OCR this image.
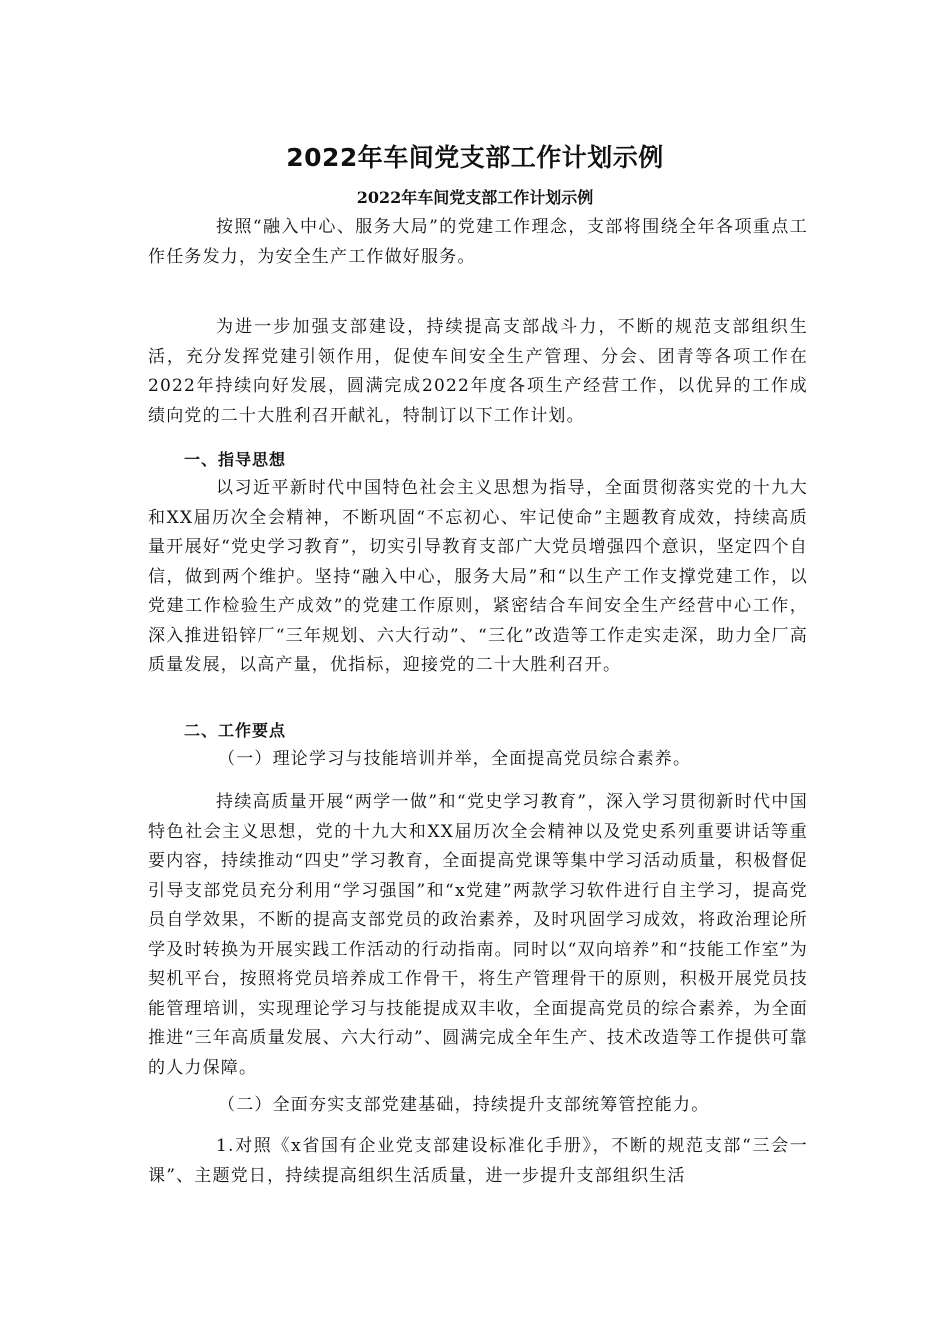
2022年车间党支部工作计划示例
2022年车间党支部工作计划示例

按照“融入中心、服务大局”的党建工作理念，支部将围绕全年各项重点工作任务发力，为安全生产工作做好服务。

为进一步加强支部建设，持续提高支部战斗力，不断的规范支部组织生活，充分发挥党建引领作用，促使车间安全生产管理、分会、团青等各项工作在2022年持续向好发展，圆满完成2022年度各项生产经营工作，以优异的工作成绩向党的二十大胜利召开献礼，特制订以下工作计划。

一、指导思想

以习近平新时代中国特色社会主义思想为指导，全面贯彻落实党的十九大和XX届历次全会精神，不断巩固“不忘初心、牢记使命”主题教育成效，持续高质量开展好“党史学习教育”，切实引导教育支部广大党员增强四个意识，坚定四个自信，做到两个维护。坚持“融入中心，服务大局”和“以生产工作支撑党建工作，以党建工作检验生产成效”的党建工作原则，紧密结合车间安全生产经营中心工作，深入推进铅锌厂“三年规划、六大行动”、“三化”改造等工作走实走深，助力全厂高质量发展，以高产量，优指标，迎接党的二十大胜利召开。

二、工作要点

（一）理论学习与技能培训并举，全面提高党员综合素养。

持续高质量开展“两学一做”和“党史学习教育”，深入学习贯彻新时代中国特色社会主义思想，党的十九大和XX届历次全会精神以及党史系列重要讲话等重要内容，持续推动“四史”学习教育，全面提高党课等集中学习活动质量，积极督促引导支部党员充分利用“学习强国”和“x党建”两款学习软件进行自主学习，提高党员自学效果，不断的提高支部党员的政治素养，及时巩固学习成效，将政治理论所学及时转换为开展实践工作活动的行动指南。同时以“双向培养”和“技能工作室”为契机平台，按照将党员培养成工作骨干，将生产管理骨干的原则，积极开展党员技能管理培训，实现理论学习与技能提成双丰收，全面提高党员的综合素养，为全面推进“三年高质量发展、六大行动”、圆满完成全年生产、技术改造等工作提供可靠的人力保障。

（二）全面夯实支部党建基础，持续提升支部统筹管控能力。

1.对照《x省国有企业党支部建设标准化手册》，不断的规范支部“三会一课”、主题党日，持续提高组织生活质量，进一步提升支部组织生活
